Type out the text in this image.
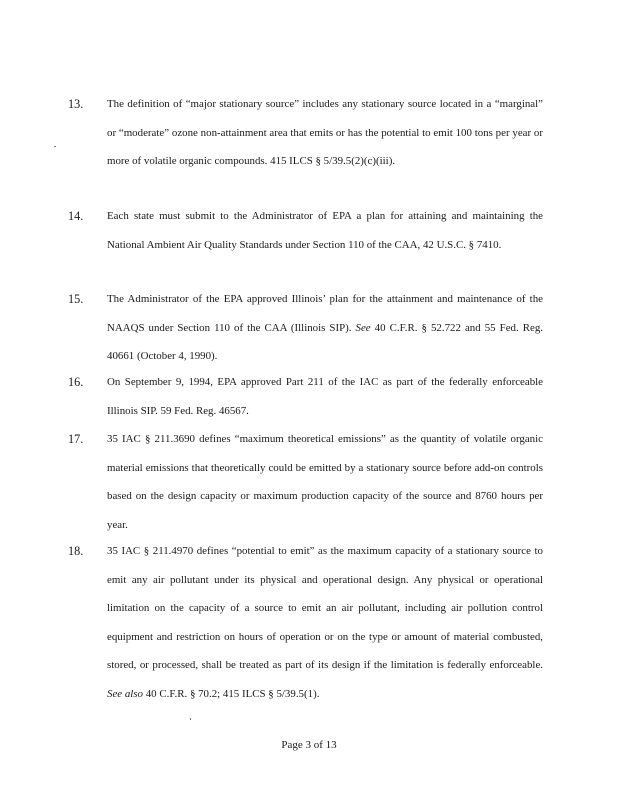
13. The definition of “major stationary source” includes any stationary source located in a “marginal” or “moderate” ozone non-attainment area that emits or has the potential to emit 100 tons per year or more of volatile organic compounds. 415 ILCS § 5/39.5(2)(c)(iii).
14. Each state must submit to the Administrator of EPA a plan for attaining and maintaining the National Ambient Air Quality Standards under Section 110 of the CAA, 42 U.S.C. § 7410.
15. The Administrator of the EPA approved Illinois’ plan for the attainment and maintenance of the NAAQS under Section 110 of the CAA (Illinois SIP). See 40 C.F.R. § 52.722 and 55 Fed. Reg. 40661 (October 4, 1990).
16. On September 9, 1994, EPA approved Part 211 of the IAC as part of the federally enforceable Illinois SIP. 59 Fed. Reg. 46567.
17. 35 IAC § 211.3690 defines “maximum theoretical emissions” as the quantity of volatile organic material emissions that theoretically could be emitted by a stationary source before add-on controls based on the design capacity or maximum production capacity of the source and 8760 hours per year.
18. 35 IAC § 211.4970 defines “potential to emit” as the maximum capacity of a stationary source to emit any air pollutant under its physical and operational design. Any physical or operational limitation on the capacity of a source to emit an air pollutant, including air pollution control equipment and restriction on hours of operation or on the type or amount of material combusted, stored, or processed, shall be treated as part of its design if the limitation is federally enforceable. See also 40 C.F.R. § 70.2; 415 ILCS § 5/39.5(1).
Page 3 of 13
